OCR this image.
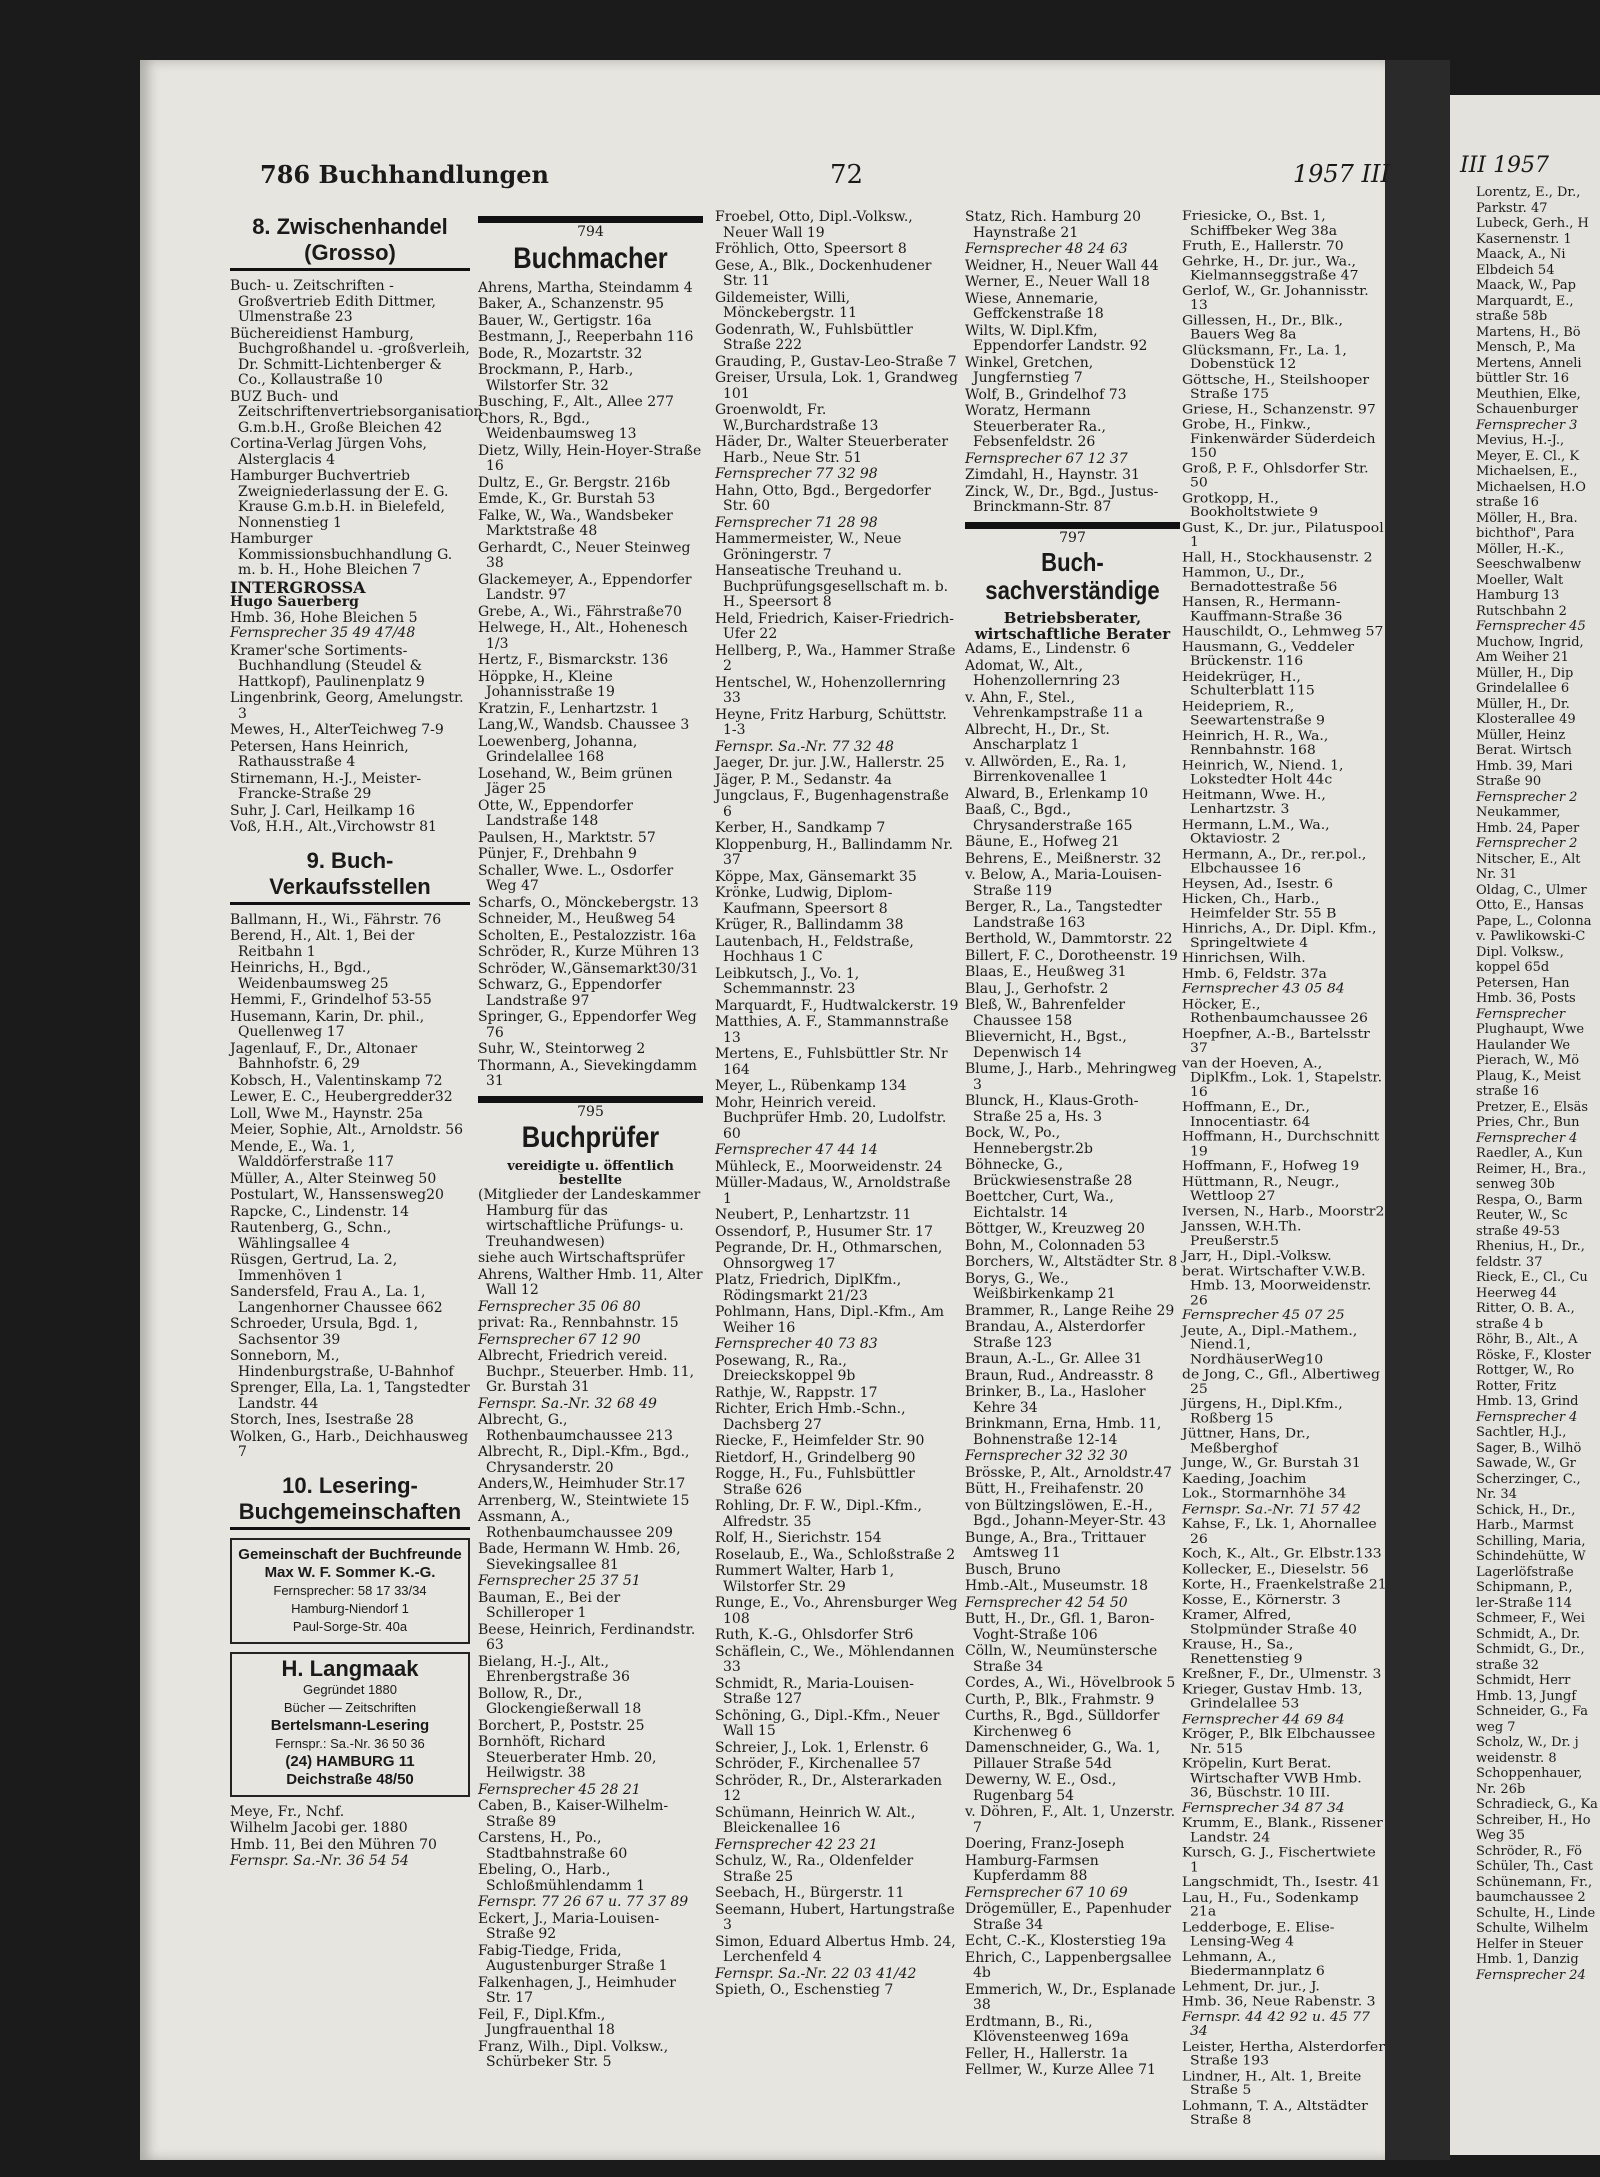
III 1957

Lorentz, E., Dr.,

Parkstr. 47

Lubeck, Gerh., H

Kasernenstr. 1

Maack, A., Ni

Elbdeich 54

Maack, W., Pap

Marquardt, E.,

straße 58b

Martens, H., Bö

Mensch, P., Ma

Mertens, Anneli

büttler Str. 16

Meuthien, Elke,

Schauenburger

Fernsprecher 3

Mevius, H.-J.,

Meyer, E. Cl., K

Michaelsen, E.,

Michaelsen, H.O

straße 16

Möller, H., Bra.

bichthof", Para

Möller, H.-K.,

Seeschwalbenw

Moeller, Walt

Hamburg 13

Rutschbahn 2

Fernsprecher 45

Muchow, Ingrid,

Am Weiher 21

Müller, H., Dip

Grindelallee 6

Müller, H., Dr.

Klosterallee 49

Müller, Heinz

Berat. Wirtsch

Hmb. 39, Mari

Straße 90

Fernsprecher 2

Neukammer,

Hmb. 24, Paper

Fernsprecher 2

Nitscher, E., Alt

Nr. 31

Oldag, C., Ulmer

Otto, E., Hansas

Pape, L., Colonna

v. Pawlikowski-C

Dipl. Volksw.,

koppel 65d

Petersen, Han

Hmb. 36, Posts

Fernsprecher

Plughaupt, Wwe

Haulander We

Pierach, W., Mö

Plaug, K., Meist

straße 16

Pretzer, E., Elsäs

Pries, Chr., Bun

Fernsprecher 4

Raedler, A., Kun

Reimer, H., Bra.,

senweg 30b

Respa, O., Barm

Reuter, W., Sc

straße 49-53

Rhenius, H., Dr.,

feldstr. 37

Rieck, E., Cl., Cu

Heerweg 44

Ritter, O. B. A.,

straße 4 b

Röhr, B., Alt., A

Röske, F., Kloster

Rottger, W., Ro

Rotter, Fritz

Hmb. 13, Grind

Fernsprecher 4

Sachtler, H.J.,

Sager, B., Wilhö

Sawade, W., Gr

Scherzinger, C.,

Nr. 34

Schick, H., Dr.,

Harb., Marmst

Schilling, Maria,

Schindehütte, W

Lagerlöfstraße

Schipmann, P.,

ler-Straße 114

Schmeer, F., Wei

Schmidt, A., Dr.

Schmidt, G., Dr.,

straße 32

Schmidt, Herr

Hmb. 13, Jungf

Schneider, G., Fa

weg 7

Scholz, W., Dr. j

weidenstr. 8

Schoppenhauer,

Nr. 26b

Schradieck, G., Ka

Schreiber, H., Ho

Weg 35

Schröder, R., Fö

Schüler, Th., Cast

Schünemann, Fr.,

baumchaussee 2

Schulte, H., Linde

Schulte, Wilhelm

Helfer in Steuer

Hmb. 1, Danzig

Fernsprecher 24

786 Buchhandlungen	72	1957 III
8. Zwischenhandel (Grosso)

Buch- u. Zeitschriften - Großvertrieb Edith Dittmer, Ulmenstraße 23

Büchereidienst Hamburg, Buchgroßhandel u. -großverleih, Dr. Schmitt-Lichtenberger & Co., Kollaustraße 10

BUZ Buch- und Zeitschriftenvertriebsorganisation G.m.b.H., Große Bleichen 42

Cortina-Verlag Jürgen Vohs, Alsterglacis 4

Hamburger Buchvertrieb Zweigniederlassung der E. G. Krause G.m.b.H. in Bielefeld, Nonnenstieg 1

Hamburger Kommissionsbuchhandlung G. m. b. H., Hohe Bleichen 7

INTERGROSSA
Hugo Sauerberg

Hmb. 36, Hohe Bleichen 5

Fernsprecher 35 49 47/48

Kramer'sche Sortiments-Buchhandlung (Steudel & Hattkopf), Paulinenplatz 9

Lingenbrink, Georg, Amelungstr. 3

Mewes, H., AlterTeichweg 7-9

Petersen, Hans Heinrich, Rathausstraße 4

Stirnemann, H.-J., Meister-Francke-Straße 29

Suhr, J. Carl, Heilkamp 16

Voß, H.H., Alt.,Virchowstr 81

9. Buch-Verkaufsstellen

Ballmann, H., Wi., Fährstr. 76

Berend, H., Alt. 1, Bei der Reitbahn 1

Heinrichs, H., Bgd., Weidenbaumsweg 25

Hemmi, F., Grindelhof 53-55

Husemann, Karin, Dr. phil., Quellenweg 17

Jagenlauf, F., Dr., Altonaer Bahnhofstr. 6, 29

Kobsch, H., Valentinskamp 72

Lewer, E. C., Heubergredder32

Loll, Wwe M., Haynstr. 25a

Meier, Sophie, Alt., Arnoldstr. 56

Mende, E., Wa. 1, Walddörferstraße 117

Müller, A., Alter Steinweg 50

Postulart, W., Hanssensweg20

Rapcke, C., Lindenstr. 14

Rautenberg, G., Schn., Wählingsallee 4

Rüsgen, Gertrud, La. 2, Immenhöven 1

Sandersfeld, Frau A., La. 1, Langenhorner Chaussee 662

Schroeder, Ursula, Bgd. 1, Sachsentor 39

Sonneborn, M., Hindenburgstraße, U-Bahnhof

Sprenger, Ella, La. 1, Tangstedter Landstr. 44

Storch, Ines, Isestraße 28

Wolken, G., Harb., Deichhausweg 7

10. Lesering-Buchgemeinschaften
Gemeinschaft der Buchfreunde
Max W. F. Sommer K.-G.
Fernsprecher: 58 17 33/34
Hamburg-Niendorf 1
Paul-Sorge-Str. 40a
H. Langmaak
Gegründet 1880
Bücher — Zeitschriften
Bertelsmann-Lesering
Fernspr.: Sa.-Nr. 36 50 36
(24) HAMBURG 11
Deichstraße 48/50

Meye, Fr., Nchf.

Wilhelm Jacobi ger. 1880

Hmb. 11, Bei den Mühren 70

Fernspr. Sa.-Nr. 36 54 54

794
Buchmacher

Ahrens, Martha, Steindamm 4

Baker, A., Schanzenstr. 95

Bauer, W., Gertigstr. 16a

Bestmann, J., Reeperbahn 116

Bode, R., Mozartstr. 32

Brockmann, P., Harb., Wilstorfer Str. 32

Busching, F., Alt., Allee 277

Chors, R., Bgd., Weidenbaumsweg 13

Dietz, Willy, Hein-Hoyer-Straße 16

Dultz, E., Gr. Bergstr. 216b

Emde, K., Gr. Burstah 53

Falke, W., Wa., Wandsbeker Marktstraße 48

Gerhardt, C., Neuer Steinweg 38

Glackemeyer, A., Eppendorfer Landstr. 97

Grebe, A., Wi., Fährstraße70

Helwege, H., Alt., Hohenesch 1/3

Hertz, F., Bismarckstr. 136

Höppke, H., Kleine Johannisstraße 19

Kratzin, F., Lenhartzstr. 1

Lang,W., Wandsb. Chaussee 3

Loewenberg, Johanna, Grindelallee 168

Losehand, W., Beim grünen Jäger 25

Otte, W., Eppendorfer Landstraße 148

Paulsen, H., Marktstr. 57

Pünjer, F., Drehbahn 9

Schaller, Wwe. L., Osdorfer Weg 47

Scharfs, O., Mönckebergstr. 13

Schneider, M., Heußweg 54

Scholten, E., Pestalozzistr. 16a

Schröder, R., Kurze Mühren 13

Schröder, W.,Gänsemarkt30/31

Schwarz, G., Eppendorfer Landstraße 97

Springer, G., Eppendorfer Weg 76

Suhr, W., Steintorweg 2

Thormann, A., Sievekingdamm 31

795
Buchprüfer
vereidigte u. öffentlich bestellte

(Mitglieder der Landeskammer Hamburg für das wirtschaftliche Prüfungs- u. Treuhandwesen)

siehe auch Wirtschaftsprüfer

Ahrens, Walther Hmb. 11, Alter Wall 12

Fernsprecher 35 06 80

privat: Ra., Rennbahnstr. 15

Fernsprecher 67 12 90

Albrecht, Friedrich vereid. Buchpr., Steuerber. Hmb. 11, Gr. Burstah 31

Fernspr. Sa.-Nr. 32 68 49

Albrecht, G., Rothenbaumchaussee 213

Albrecht, R., Dipl.-Kfm., Bgd., Chrysanderstr. 20

Anders,W., Heimhuder Str.17

Arrenberg, W., Steintwiete 15

Assmann, A., Rothenbaumchaussee 209

Bade, Hermann W. Hmb. 26, Sievekingsallee 81

Fernsprecher 25 37 51

Bauman, E., Bei der Schilleroper 1

Beese, Heinrich, Ferdinandstr. 63

Bielang, H.-J., Alt., Ehrenbergstraße 36

Bollow, R., Dr., Glockengießerwall 18

Borchert, P., Poststr. 25

Bornhöft, Richard Steuerberater Hmb. 20, Heilwigstr. 38

Fernsprecher 45 28 21

Caben, B., Kaiser-Wilhelm-Straße 89

Carstens, H., Po., Stadtbahnstraße 60

Ebeling, O., Harb., Schloßmühlendamm 1

Fernspr. 77 26 67 u. 77 37 89

Eckert, J., Maria-Louisen-Straße 92

Fabig-Tiedge, Frida, Augustenburger Straße 1

Falkenhagen, J., Heimhuder Str. 17

Feil, F., Dipl.Kfm., Jungfrauenthal 18

Franz, Wilh., Dipl. Volksw., Schürbeker Str. 5

Froebel, Otto, Dipl.-Volksw., Neuer Wall 19

Fröhlich, Otto, Speersort 8

Gese, A., Blk., Dockenhudener Str. 11

Gildemeister, Willi, Mönckebergstr. 11

Godenrath, W., Fuhlsbüttler Straße 222

Grauding, P., Gustav-Leo-Straße 7

Greiser, Ursula, Lok. 1, Grandweg 101

Groenwoldt, Fr. W.,Burchardstraße 13

Häder, Dr., Walter Steuerberater Harb., Neue Str. 51

Fernsprecher 77 32 98

Hahn, Otto, Bgd., Bergedorfer Str. 60

Fernsprecher 71 28 98

Hammermeister, W., Neue Gröningerstr. 7

Hanseatische Treuhand u. Buchprüfungsgesellschaft m. b. H., Speersort 8

Held, Friedrich, Kaiser-Friedrich-Ufer 22

Hellberg, P., Wa., Hammer Straße 2

Hentschel, W., Hohenzollernring 33

Heyne, Fritz Harburg, Schüttstr. 1-3

Fernspr. Sa.-Nr. 77 32 48

Jaeger, Dr. jur. J.W., Hallerstr. 25

Jäger, P. M., Sedanstr. 4a

Jungclaus, F., Bugenhagenstraße 6

Kerber, H., Sandkamp 7

Kloppenburg, H., Ballindamm Nr. 37

Köppe, Max, Gänsemarkt 35

Krönke, Ludwig, Diplom-Kaufmann, Speersort 8

Krüger, R., Ballindamm 38

Lautenbach, H., Feldstraße, Hochhaus 1 C

Leibkutsch, J., Vo. 1, Schemmannstr. 23

Marquardt, F., Hudtwalckerstr. 19

Matthies, A. F., Stammannstraße 13

Mertens, E., Fuhlsbüttler Str. Nr 164

Meyer, L., Rübenkamp 134

Mohr, Heinrich vereid. Buchprüfer Hmb. 20, Ludolfstr. 60

Fernsprecher 47 44 14

Mühleck, E., Moorweidenstr. 24

Müller-Madaus, W., Arnoldstraße 1

Neubert, P., Lenhartzstr. 11

Ossendorf, P., Husumer Str. 17

Pegrande, Dr. H., Othmarschen, Ohnsorgweg 17

Platz, Friedrich, DiplKfm., Rödingsmarkt 21/23

Pohlmann, Hans, Dipl.-Kfm., Am Weiher 16

Fernsprecher 40 73 83

Posewang, R., Ra., Dreieckskoppel 9b

Rathje, W., Rappstr. 17

Richter, Erich Hmb.-Schn., Dachsberg 27

Riecke, F., Heimfelder Str. 90

Rietdorf, H., Grindelberg 90

Rogge, H., Fu., Fuhlsbüttler Straße 626

Rohling, Dr. F. W., Dipl.-Kfm., Alfredstr. 35

Rolf, H., Sierichstr. 154

Roselaub, E., Wa., Schloßstraße 2

Rummert Walter, Harb 1, Wilstorfer Str. 29

Runge, E., Vo., Ahrensburger Weg 108

Ruth, K.-G., Ohlsdorfer Str6

Schäflein, C., We., Möhlendannen 33

Schmidt, R., Maria-Louisen-Straße 127

Schöning, G., Dipl.-Kfm., Neuer Wall 15

Schreier, J., Lok. 1, Erlenstr. 6

Schröder, F., Kirchenallee 57

Schröder, R., Dr., Alsterarkaden 12

Schümann, Heinrich W. Alt., Bleickenallee 16

Fernsprecher 42 23 21

Schulz, W., Ra., Oldenfelder Straße 25

Seebach, H., Bürgerstr. 11

Seemann, Hubert, Hartungstraße 3

Simon, Eduard Albertus Hmb. 24, Lerchenfeld 4

Fernspr. Sa.-Nr. 22 03 41/42

Spieth, O., Eschenstieg 7

Statz, Rich. Hamburg 20 Haynstraße 21

Fernsprecher 48 24 63

Weidner, H., Neuer Wall 44

Werner, E., Neuer Wall 18

Wiese, Annemarie, Geffckenstraße 18

Wilts, W. Dipl.Kfm, Eppendorfer Landstr. 92

Winkel, Gretchen, Jungfernstieg 7

Wolf, B., Grindelhof 73

Woratz, Hermann Steuerberater Ra., Febsenfeldstr. 26

Fernsprecher 67 12 37

Zimdahl, H., Haynstr. 31

Zinck, W., Dr., Bgd., Justus-Brinckmann-Str. 87

797
Buch-sachverständige
Betriebsberater, wirtschaftliche Berater

Adams, E., Lindenstr. 6

Adomat, W., Alt., Hohenzollernring 23

v. Ahn, F., Stel., Vehrenkampstraße 11 a

Albrecht, H., Dr., St. Anscharplatz 1

v. Allwörden, E., Ra. 1, Birrenkovenallee 1

Alward, B., Erlenkamp 10

Baaß, C., Bgd., Chrysanderstraße 165

Bäune, E., Hofweg 21

Behrens, E., Meißnerstr. 32

v. Below, A., Maria-Louisen-Straße 119

Berger, R., La., Tangstedter Landstraße 163

Berthold, W., Dammtorstr. 22

Billert, F. C., Dorotheenstr. 19

Blaas, E., Heußweg 31

Blau, J., Gerhofstr. 2

Bleß, W., Bahrenfelder Chaussee 158

Blievernicht, H., Bgst., Depenwisch 14

Blume, J., Harb., Mehringweg 3

Blunck, H., Klaus-Groth-Straße 25 a, Hs. 3

Bock, W., Po., Hennebergstr.2b

Böhnecke, G., Brückwiesenstraße 28

Boettcher, Curt, Wa., Eichtalstr. 14

Böttger, W., Kreuzweg 20

Bohn, M., Colonnaden 53

Borchers, W., Altstädter Str. 8

Borys, G., We., Weißbirkenkamp 21

Brammer, R., Lange Reihe 29

Brandau, A., Alsterdorfer Straße 123

Braun, A.-L., Gr. Allee 31

Braun, Rud., Andreasstr. 8

Brinker, B., La., Hasloher Kehre 34

Brinkmann, Erna, Hmb. 11, Bohnenstraße 12-14

Fernsprecher 32 32 30

Brösske, P., Alt., Arnoldstr.47

Bütt, H., Freihafenstr. 20

von Bültzingslöwen, E.-H., Bgd., Johann-Meyer-Str. 43

Bunge, A., Bra., Trittauer Amtsweg 11

Busch, Bruno

Hmb.-Alt., Museumstr. 18

Fernsprecher 42 54 50

Butt, H., Dr., Gfl. 1, Baron-Voght-Straße 106

Cölln, W., Neumünstersche Straße 34

Cordes, A., Wi., Hövelbrook 5

Curth, P., Blk., Frahmstr. 9

Curths, R., Bgd., Sülldorfer Kirchenweg 6

Damenschneider, G., Wa. 1, Pillauer Straße 54d

Dewerny, W. E., Osd., Rugenbarg 54

v. Döhren, F., Alt. 1, Unzerstr. 7

Doering, Franz-Joseph

Hamburg-Farmsen Kupferdamm 88

Fernsprecher 67 10 69

Drögemüller, E., Papenhuder Straße 34

Echt, C.-K., Klosterstieg 19a

Ehrich, C., Lappenbergsallee 4b

Emmerich, W., Dr., Esplanade 38

Erdtmann, B., Ri., Klövensteenweg 169a

Feller, H., Hallerstr. 1a

Fellmer, W., Kurze Allee 71

Friesicke, O., Bst. 1, Schiffbeker Weg 38a

Fruth, E., Hallerstr. 70

Gehrke, H., Dr. jur., Wa., Kielmannseggstraße 47

Gerlof, W., Gr. Johannisstr. 13

Gillessen, H., Dr., Blk., Bauers Weg 8a

Glücksmann, Fr., La. 1, Dobenstück 12

Göttsche, H., Steilshooper Straße 175

Griese, H., Schanzenstr. 97

Grobe, H., Finkw., Finkenwärder Süderdeich 150

Groß, P. F., Ohlsdorfer Str. 50

Grotkopp, H., Bookholtstwiete 9

Gust, K., Dr. jur., Pilatuspool 1

Hall, H., Stockhausenstr. 2

Hammon, U., Dr., Bernadottestraße 56

Hansen, R., Hermann-Kauffmann-Straße 36

Hauschildt, O., Lehmweg 57

Hausmann, G., Veddeler Brückenstr. 116

Heidekrüger, H., Schulterblatt 115

Heidepriem, R., Seewartenstraße 9

Heinrich, H. R., Wa., Rennbahnstr. 168

Heinrich, W., Niend. 1, Lokstedter Holt 44c

Heitmann, Wwe. H., Lenhartzstr. 3

Hermann, L.M., Wa., Oktaviostr. 2

Hermann, A., Dr., rer.pol., Elbchaussee 16

Heysen, Ad., Isestr. 6

Hicken, Ch., Harb., Heimfelder Str. 55 B

Hinrichs, A., Dr. Dipl. Kfm., Springeltwiete 4

Hinrichsen, Wilh.

Hmb. 6, Feldstr. 37a

Fernsprecher 43 05 84

Höcker, E., Rothenbaumchaussee 26

Hoepfner, A.-B., Bartelsstr 37

van der Hoeven, A., DiplKfm., Lok. 1, Stapelstr. 16

Hoffmann, E., Dr., Innocentiastr. 64

Hoffmann, H., Durchschnitt 19

Hoffmann, F., Hofweg 19

Hüttmann, R., Neugr., Wettloop 27

Iversen, N., Harb., Moorstr2

Janssen, W.H.Th. Preußerstr.5

Jarr, H., Dipl.-Volksw.

berat. Wirtschafter V.W.B. Hmb. 13, Moorweidenstr. 26

Fernsprecher 45 07 25

Jeute, A., Dipl.-Mathem., Niend.1, NordhäuserWeg10

de Jong, C., Gfl., Albertiweg 25

Jürgens, H., Dipl.Kfm., Roßberg 15

Jüttner, Hans, Dr., Meßberghof

Junge, W., Gr. Burstah 31

Kaeding, Joachim

Lok., Stormarnhöhe 34

Fernspr. Sa.-Nr. 71 57 42

Kahse, F., Lk. 1, Ahornallee 26

Koch, K., Alt., Gr. Elbstr.133

Kollecker, E., Dieselstr. 56

Korte, H., Fraenkelstraße 21

Kosse, E., Körnerstr. 3

Kramer, Alfred, Stolpmünder Straße 40

Krause, H., Sa., Renettenstieg 9

Kreßner, F., Dr., Ulmenstr. 3

Krieger, Gustav Hmb. 13, Grindelallee 53

Fernsprecher 44 69 84

Kröger, P., Blk Elbchaussee Nr. 515

Kröpelin, Kurt Berat. Wirtschafter VWB Hmb. 36, Büschstr. 10 III.

Fernsprecher 34 87 34

Krumm, E., Blank., Rissener Landstr. 24

Kursch, G. J., Fischertwiete 1

Langschmidt, Th., Isestr. 41

Lau, H., Fu., Sodenkamp 21a

Ledderboge, E. Elise-Lensing-Weg 4

Lehmann, A., Biedermannplatz 6

Lehment, Dr. jur., J.

Hmb. 36, Neue Rabenstr. 3

Fernspr. 44 42 92 u. 45 77 34

Leister, Hertha, Alsterdorfer Straße 193

Lindner, H., Alt. 1, Breite Straße 5

Lohmann, T. A., Altstädter Straße 8
